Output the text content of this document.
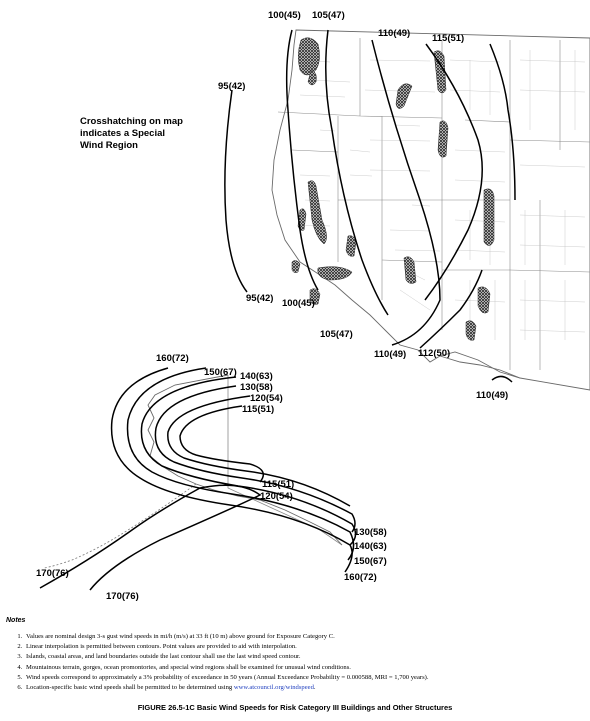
100(45) 105(47)
110(49) 115(51)
95(42)
95(42) 100(45)
105(47)
110(49) 112(50)
110(49)
160(72)
150(67) 140(63)
130(58)
120(54)
115(51)
115(51)
120(54)
130(58)
140(63)
150(67)
160(72)
170(76)
170(76)
Crosshatching on map
indicates a Special
Wind Region
Notes
1. Values are nominal design 3-s gust wind speeds in mi/h (m/s) at 33 ft (10 m) above ground for Exposure Category C.
2. Linear interpolation is permitted between contours. Point values are provided to aid with interpolation.
3. Islands, coastal areas, and land boundaries outside the last contour shall use the last wind speed contour.
4. Mountainous terrain, gorges, ocean promontories, and special wind regions shall be examined for unusual wind conditions.
5. Wind speeds correspond to approximately a 3% probability of exceedance in 50 years (Annual Exceedance Probability = 0.000588, MRI = 1,700 years).
6. Location-specific basic wind speeds shall be permitted to be determined using www.atcouncil.org/windspeed.
FIGURE 26.5-1C Basic Wind Speeds for Risk Category III Buildings and Other Structures
